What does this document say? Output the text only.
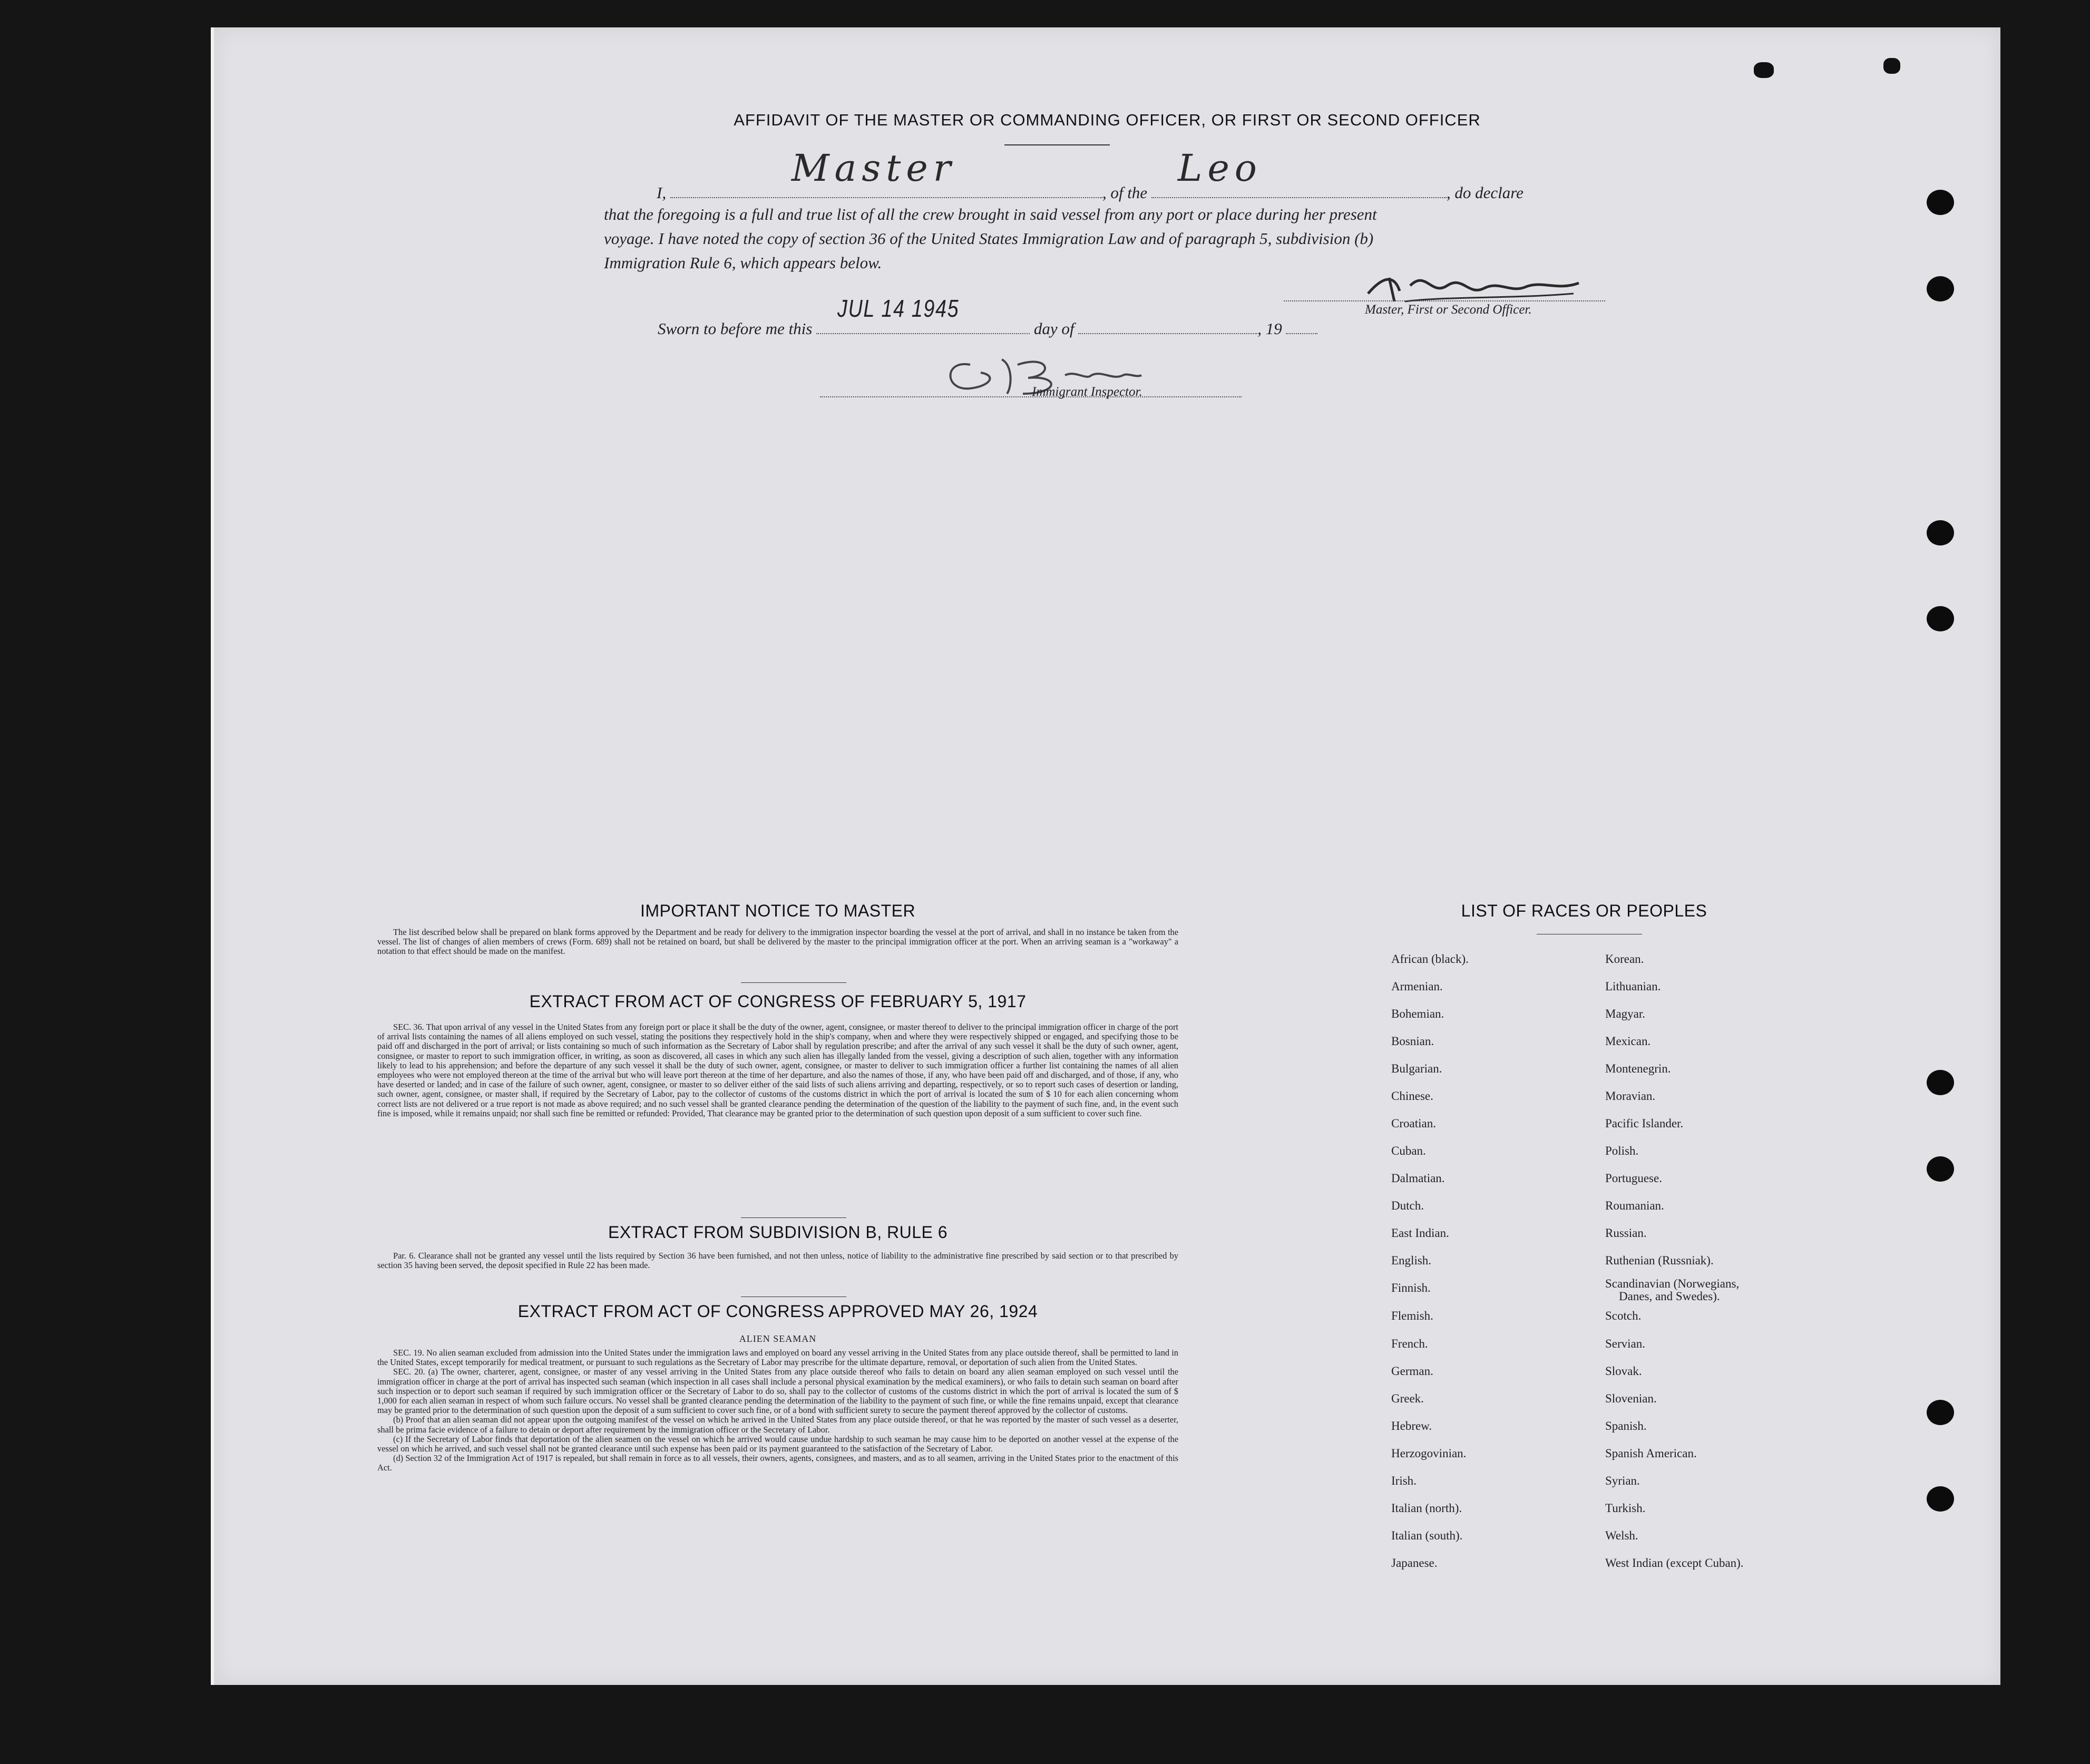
AFFIDAVIT OF THE MASTER OR COMMANDING OFFICER, OR FIRST OR SECOND OFFICER
I,
Master
, of the
Leo
, do declare
that the foregoing is a full and true list of all the crew brought in said vessel from any port or place during her present
voyage. I have noted the copy of section 36 of the United States Immigration Law and of paragraph 5, subdivision (b)
Immigration Rule 6, which appears below.
Master, First or Second Officer.
Sworn to before me this
JUL 14 1945
day of	, 19
Immigrant Inspector.
IMPORTANT NOTICE TO MASTER

The list described below shall be prepared on blank forms approved by the Department and be ready for delivery to the immigration inspector boarding the vessel at the port of arrival, and shall in no instance be taken from the vessel. The list of changes of alien members of crews (Form. 689) shall not be retained on board, but shall be delivered by the master to the principal immigration officer at the port. When an arriving seaman is a "workaway" a notation to that effect should be made on the manifest.

EXTRACT FROM ACT OF CONGRESS OF FEBRUARY 5, 1917

SEC. 36. That upon arrival of any vessel in the United States from any foreign port or place it shall be the duty of the owner, agent, consignee, or master thereof to deliver to the principal immigration officer in charge of the port of arrival lists containing the names of all aliens employed on such vessel, stating the positions they respectively hold in the ship's company, when and where they were respectively shipped or engaged, and specifying those to be paid off and discharged in the port of arrival; or lists containing so much of such information as the Secretary of Labor shall by regulation prescribe; and after the arrival of any such vessel it shall be the duty of such owner, agent, consignee, or master to report to such immigration officer, in writing, as soon as discovered, all cases in which any such alien has illegally landed from the vessel, giving a description of such alien, together with any information likely to lead to his apprehension; and before the departure of any such vessel it shall be the duty of such owner, agent, consignee, or master to deliver to such immigration officer a further list containing the names of all alien employees who were not employed thereon at the time of the arrival but who will leave port thereon at the time of her departure, and also the names of those, if any, who have been paid off and discharged, and of those, if any, who have deserted or landed; and in case of the failure of such owner, agent, consignee, or master to so deliver either of the said lists of such aliens arriving and departing, respectively, or so to report such cases of desertion or landing, such owner, agent, consignee, or master shall, if required by the Secretary of Labor, pay to the collector of customs of the customs district in which the port of arrival is located the sum of $ 10 for each alien concerning whom correct lists are not delivered or a true report is not made as above required; and no such vessel shall be granted clearance pending the determination of the question of the liability to the payment of such fine, and, in the event such fine is imposed, while it remains unpaid; nor shall such fine be remitted or refunded: Provided, That clearance may be granted prior to the determination of such question upon deposit of a sum sufficient to cover such fine.

EXTRACT FROM SUBDIVISION B, RULE 6

Par. 6. Clearance shall not be granted any vessel until the lists required by Section 36 have been furnished, and not then unless, notice of liability to the administrative fine prescribed by said section or to that prescribed by section 35 having been served, the deposit specified in Rule 22 has been made.

EXTRACT FROM ACT OF CONGRESS APPROVED MAY 26, 1924
ALIEN SEAMAN

SEC. 19. No alien seaman excluded from admission into the United States under the immigration laws and employed on board any vessel arriving in the United States from any place outside thereof, shall be permitted to land in the United States, except temporarily for medical treatment, or pursuant to such regulations as the Secretary of Labor may prescribe for the ultimate departure, removal, or deportation of such alien from the United States.

SEC. 20. (a) The owner, charterer, agent, consignee, or master of any vessel arriving in the United States from any place outside thereof who fails to detain on board any alien seaman employed on such vessel until the immigration officer in charge at the port of arrival has inspected such seaman (which inspection in all cases shall include a personal physical examination by the medical examiners), or who fails to detain such seaman on board after such inspection or to deport such seaman if required by such immigration officer or the Secretary of Labor to do so, shall pay to the collector of customs of the customs district in which the port of arrival is located the sum of $ 1,000 for each alien seaman in respect of whom such failure occurs. No vessel shall be granted clearance pending the determination of the liability to the payment of such fine, or while the fine remains unpaid, except that clearance may be granted prior to the determination of such question upon the deposit of a sum sufficient to cover such fine, or of a bond with sufficient surety to secure the payment thereof approved by the collector of customs.

(b) Proof that an alien seaman did not appear upon the outgoing manifest of the vessel on which he arrived in the United States from any place outside thereof, or that he was reported by the master of such vessel as a deserter, shall be prima facie evidence of a failure to detain or deport after requirement by the immigration officer or the Secretary of Labor.

(c) If the Secretary of Labor finds that deportation of the alien seamen on the vessel on which he arrived would cause undue hardship to such seaman he may cause him to be deported on another vessel at the expense of the vessel on which he arrived, and such vessel shall not be granted clearance until such expense has been paid or its payment guaranteed to the satisfaction of the Secretary of Labor.

(d) Section 32 of the Immigration Act of 1917 is repealed, but shall remain in force as to all vessels, their owners, agents, consignees, and masters, and as to all seamen, arriving in the United States prior to the enactment of this Act.

LIST OF RACES OR PEOPLES
African (black).
Armenian.
Bohemian.
Bosnian.
Bulgarian.
Chinese.
Croatian.
Cuban.
Dalmatian.
Dutch.
East Indian.
English.
Finnish.
Flemish.
French.
German.
Greek.
Hebrew.
Herzogovinian.
Irish.
Italian (north).
Italian (south).
Japanese.
Korean.
Lithuanian.
Magyar.
Mexican.
Montenegrin.
Moravian.
Pacific Islander.
Polish.
Portuguese.
Roumanian.
Russian.
Ruthenian (Russniak).
Scandinavian (Norwegians,
Danes, and Swedes).
Scotch.
Servian.
Slovak.
Slovenian.
Spanish.
Spanish American.
Syrian.
Turkish.
Welsh.
West Indian (except Cuban).
